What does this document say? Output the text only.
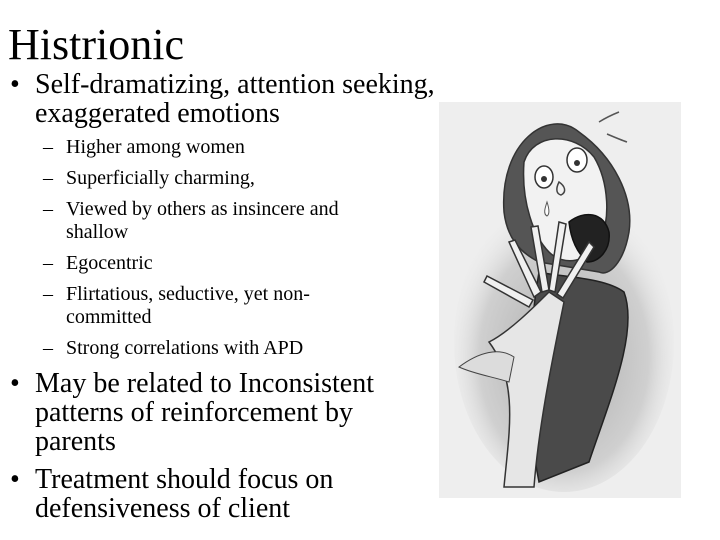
Histrionic
• Self-dramatizing, attention seeking,
exaggerated emotions
– Higher among women
– Superficially charming,
– Viewed by others as insincere and
shallow
– Egocentric
– Flirtatious, seductive, yet non-
committed
– Strong correlations with APD
• May be related to Inconsistent
patterns of reinforcement by
parents
• Treatment should focus on
defensiveness of client
